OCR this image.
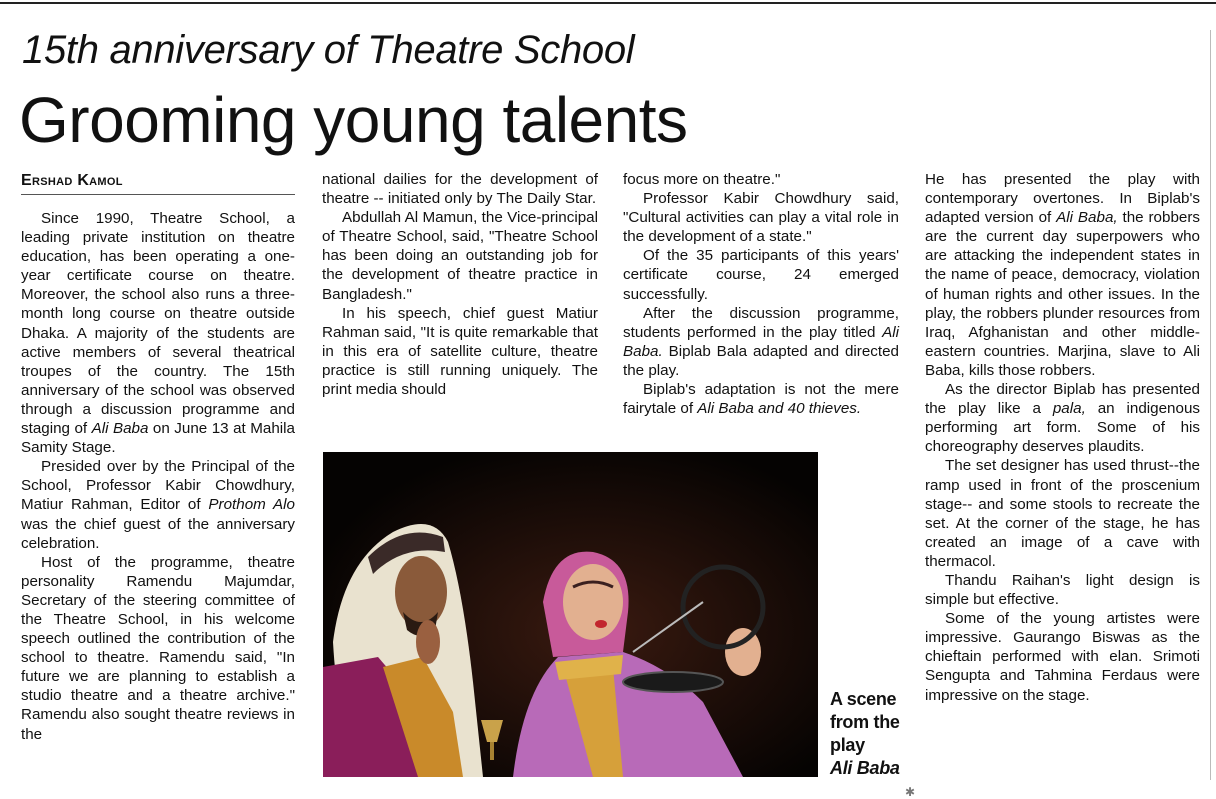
15th anniversary of Theatre School
Grooming young talents
Ershad Kamol

Since 1990, Theatre School, a leading private institution on theatre education, has been operating a one-year certificate course on theatre. Moreover, the school also runs a three-month long course on theatre outside Dhaka. A majority of the students are active members of several theatrical troupes of the country. The 15th anniversary of the school was observed through a discussion programme and staging of Ali Baba on June 13 at Mahila Samity Stage.

Presided over by the Principal of the School, Professor Kabir Chowdhury, Matiur Rahman, Editor of Prothom Alo was the chief guest of the anniversary celebration.

Host of the programme, theatre personality Ramendu Majumdar, Secretary of the steering committee of the Theatre School, in his welcome speech outlined the contribution of the school to theatre. Ramendu said, "In future we are planning to establish a studio theatre and a theatre archive." Ramendu also sought theatre reviews in the

national dailies for the development of theatre -- initiated only by The Daily Star.

Abdullah Al Mamun, the Vice-principal of Theatre School, said, "Theatre School has been doing an outstanding job for the development of theatre practice in Bangladesh."

In his speech, chief guest Matiur Rahman said, "It is quite remarkable that in this era of satellite culture, theatre practice is still running uniquely. The print media should

focus more on theatre."

Professor Kabir Chowdhury said, "Cultural activities can play a vital role in the development of a state."

Of the 35 participants of this years' certificate course, 24 emerged successfully.

After the discussion programme, students performed in the play titled Ali Baba. Biplab Bala adapted and directed the play.

Biplab's adaptation is not the mere fairytale of Ali Baba and 40 thieves.

He has presented the play with contemporary overtones. In Biplab's adapted version of Ali Baba, the robbers are the current day superpowers who are attacking the independent states in the name of peace, democracy, violation of human rights and other issues. In the play, the robbers plunder resources from Iraq, Afghanistan and other middle-eastern countries. Marjina, slave to Ali Baba, kills those robbers.

As the director Biplab has presented the play like a pala, an indigenous performing art form. Some of his choreography deserves plaudits.

The set designer has used thrust--the ramp used in front of the proscenium stage-- and some stools to recreate the set. At the corner of the stage, he has created an image of a cave with thermacol.

Thandu Raihan's light design is simple but effective.

Some of the young artistes were impressive. Gaurango Biswas as the chieftain performed with elan. Srimoti Sengupta and Tahmina Ferdaus were impressive on the stage.

A scene from the play
Ali Baba

✱
